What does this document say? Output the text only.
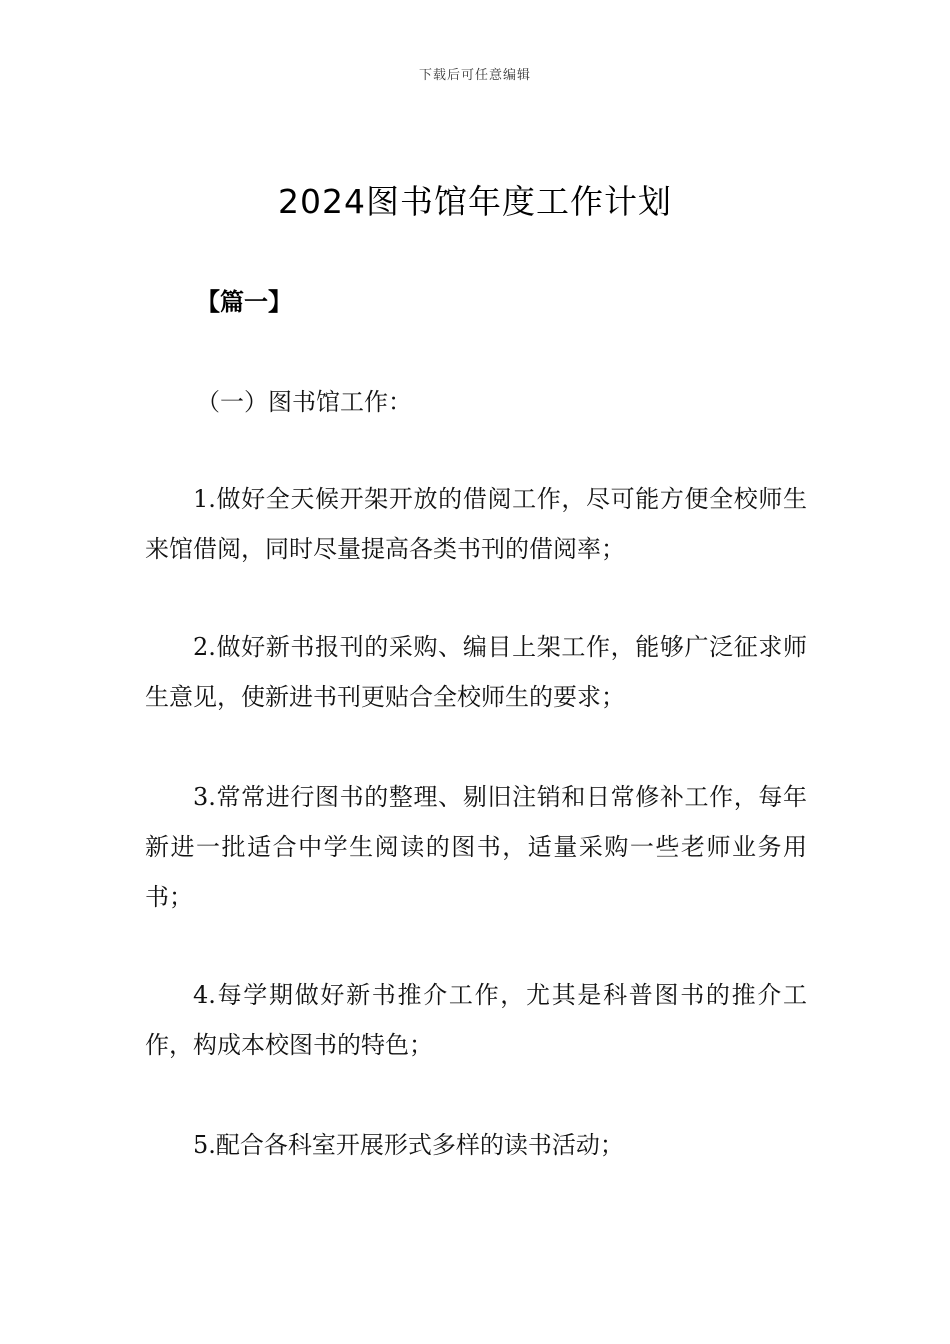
下载后可任意编辑
2024图书馆年度工作计划
【篇一】
（一）图书馆工作：

1.做好全天候开架开放的借阅工作，尽可能方便全校师生来馆借阅，同时尽量提高各类书刊的借阅率；

2.做好新书报刊的采购、编目上架工作，能够广泛征求师生意见，使新进书刊更贴合全校师生的要求；

3.常常进行图书的整理、剔旧注销和日常修补工作，每年新进一批适合中学生阅读的图书，适量采购一些老师业务用书；

4.每学期做好新书推介工作，尤其是科普图书的推介工作，构成本校图书的特色；

5.配合各科室开展形式多样的读书活动；
